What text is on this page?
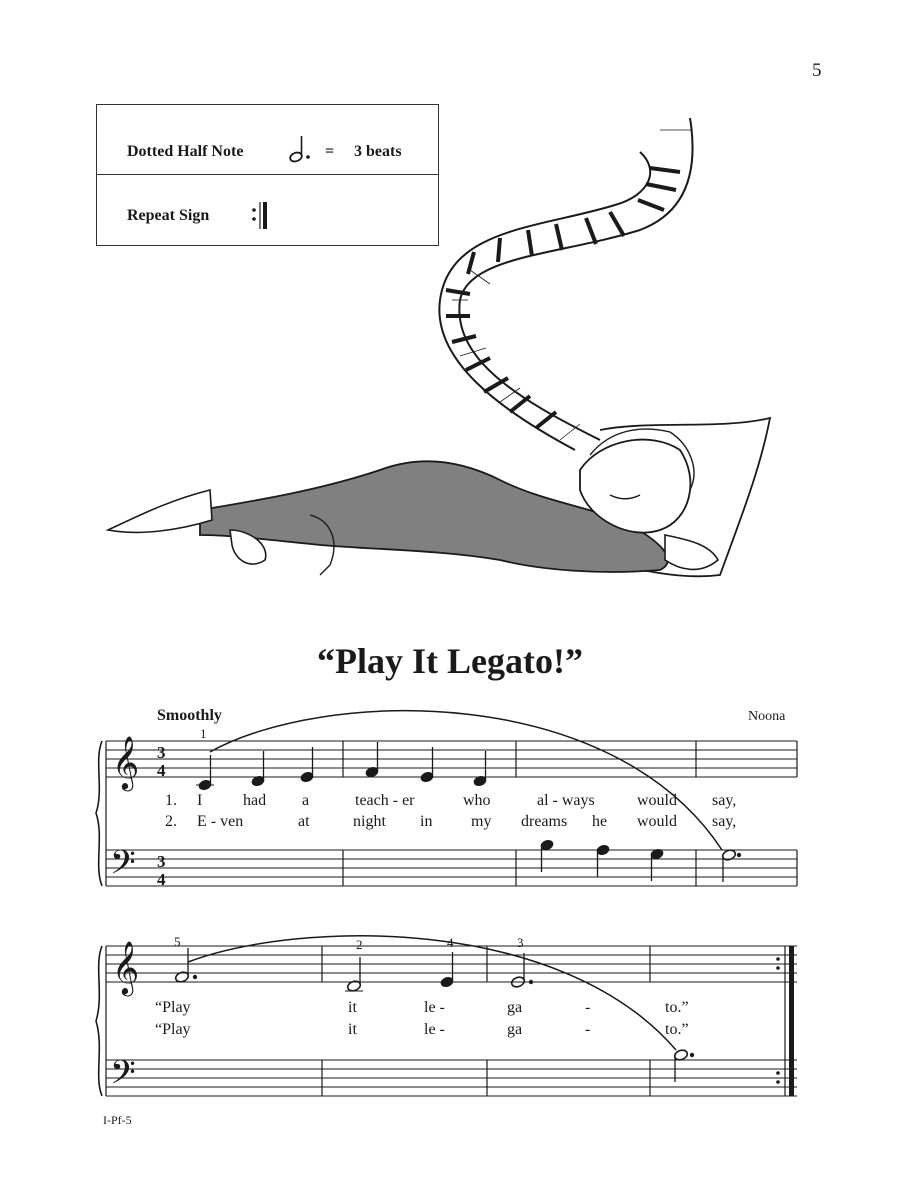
5
Dotted Half Note	= 3 beats
Repeat Sign
“Play It Legato!”
Smoothly	Noona
𝄞
𝄢
3
4
3
4
1
𝄞
𝄢
5	2	4	3
1. I	had a	teach - er	who	al - ways	would say,
2. E - ven	at	night in my dreams he would say,
“Play	it	le -	ga	-	to.”
“Play	it	le -	ga	-	to.”
I-Pf-5
